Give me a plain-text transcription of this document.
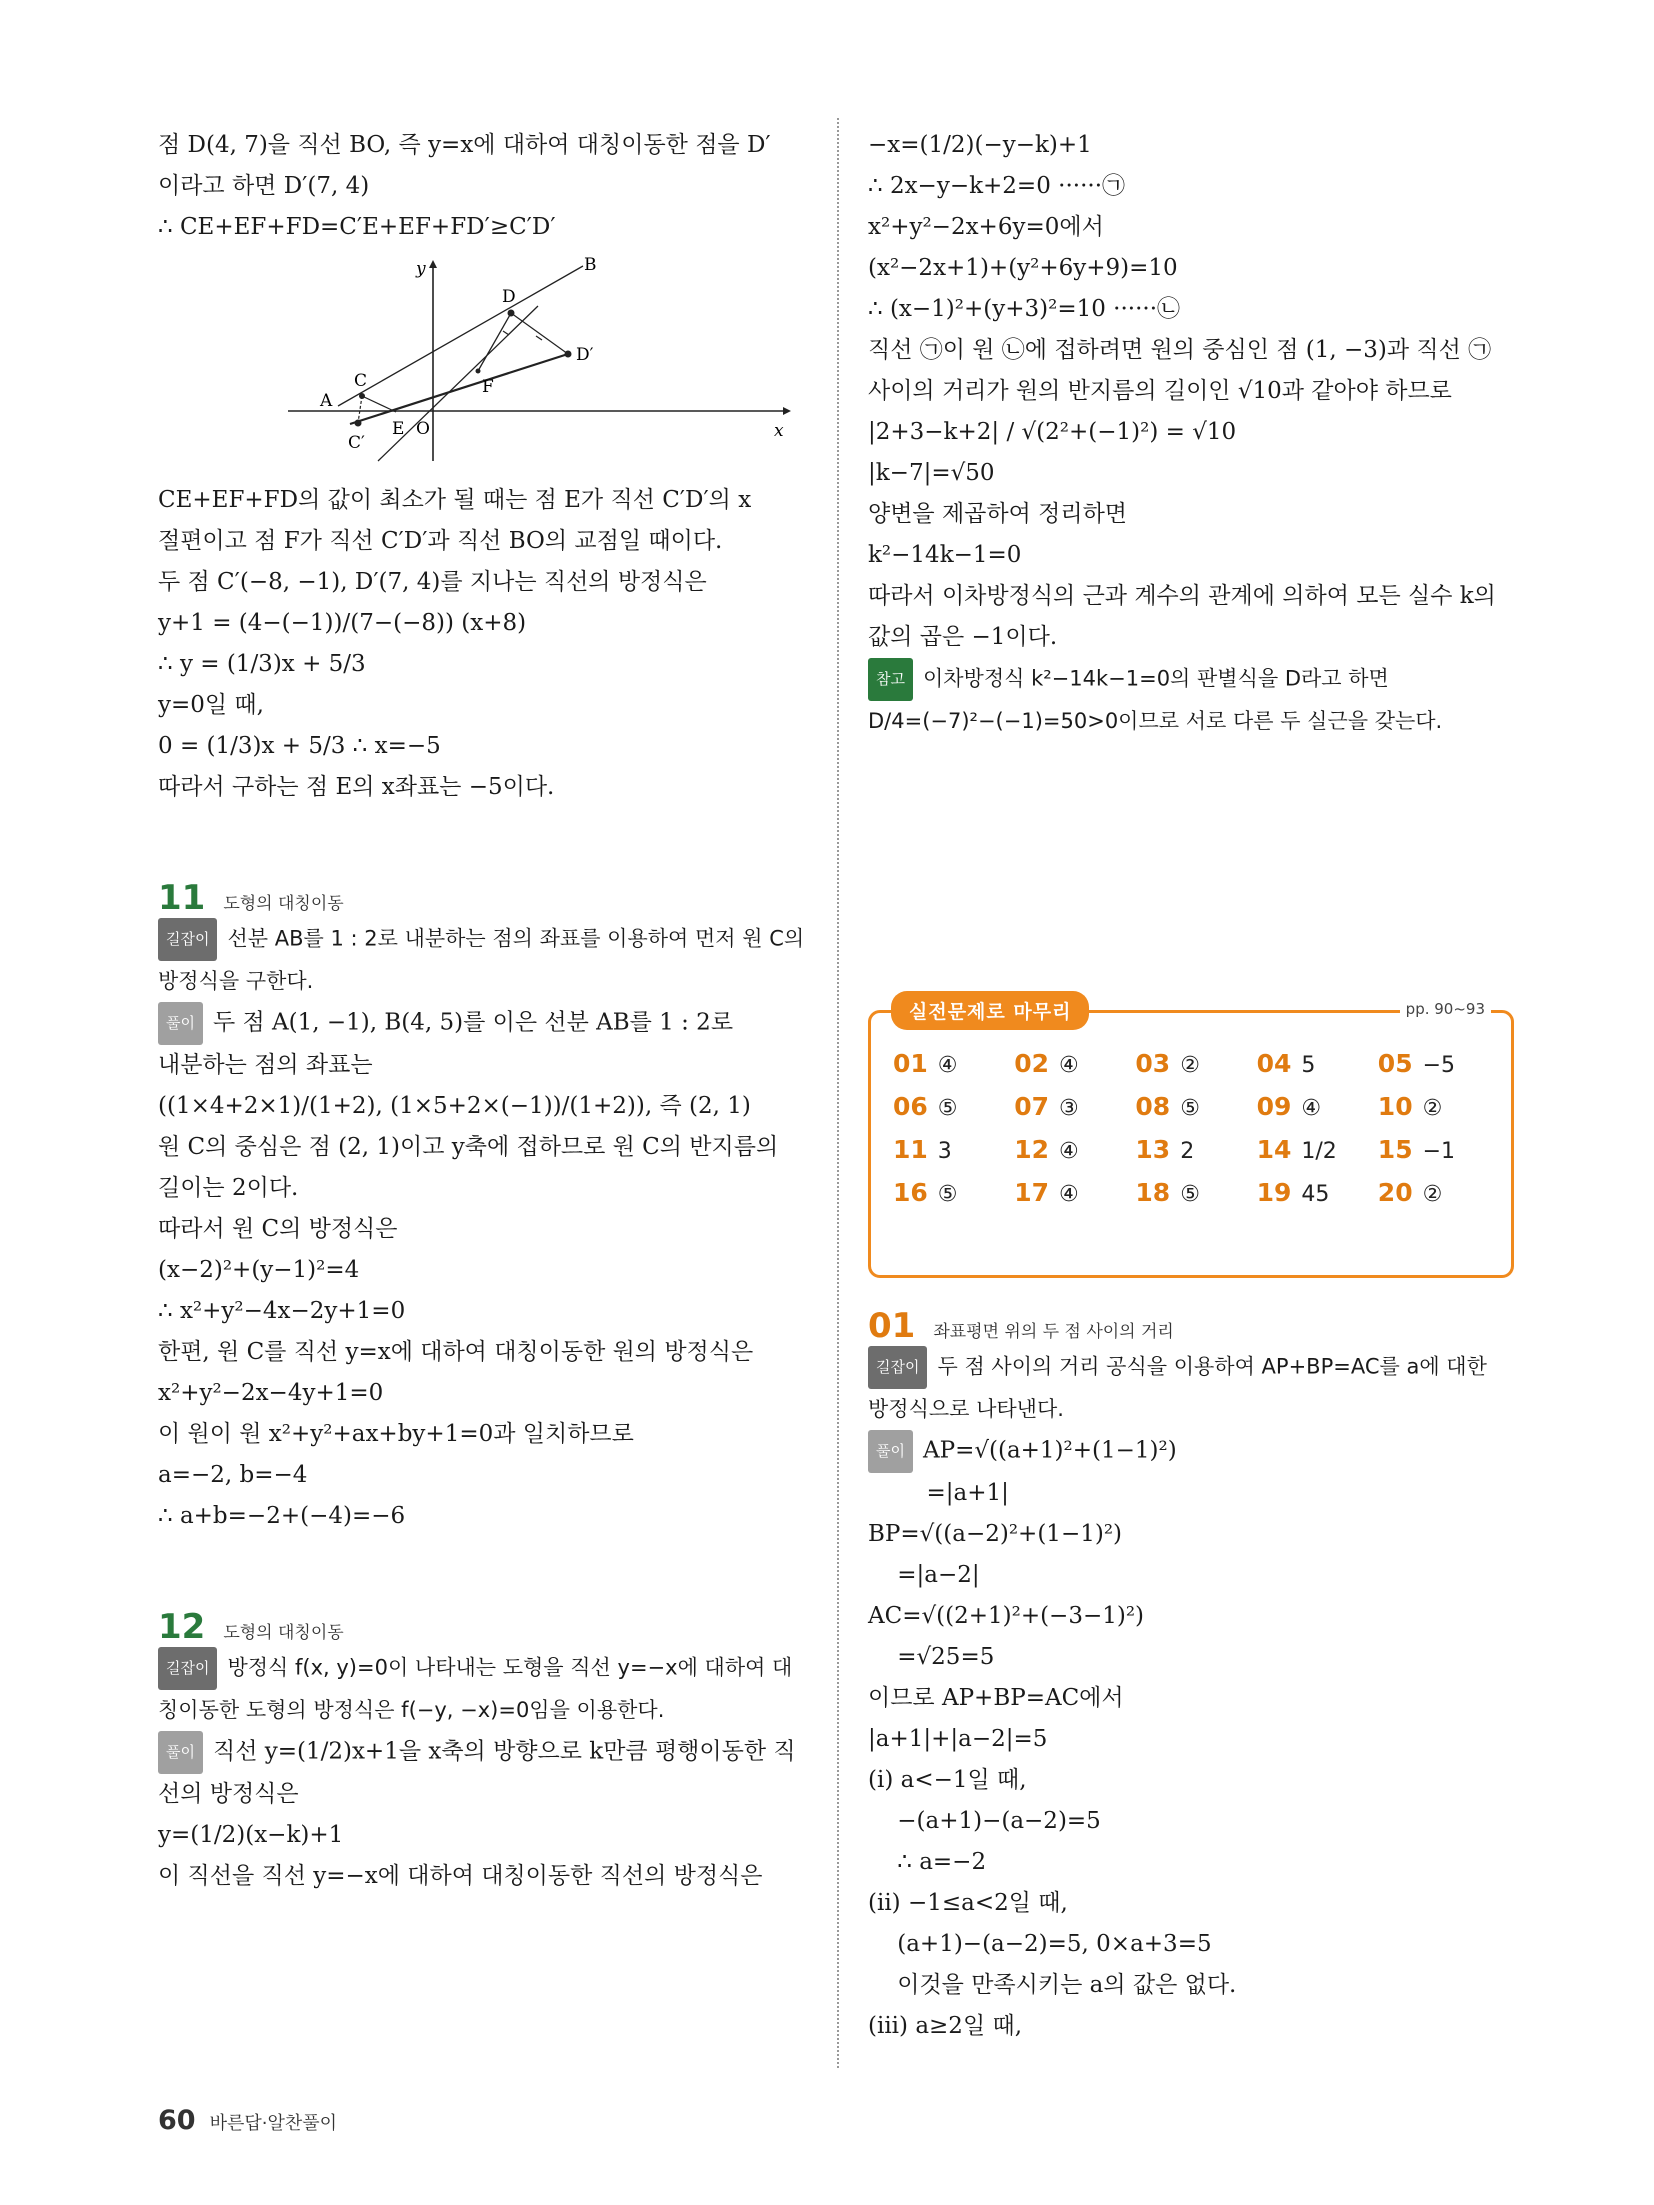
점 D(4, 7)을 직선 BO, 즉 y=x에 대하여 대칭이동한 점을 D′
이라고 하면 D′(7, 4)
∴ CE+EF+FD=C′E+EF+FD′≥C′D′
y
x
O
A
B
C
C′
D
D′
E
F
CE+EF+FD의 값이 최소가 될 때는 점 E가 직선 C′D′의 x
절편이고 점 F가 직선 C′D′과 직선 BO의 교점일 때이다.
두 점 C′(−8, −1), D′(7, 4)를 지나는 직선의 방정식은
y+1 = (4−(−1))/(7−(−8)) (x+8)
∴ y = (1/3)x + 5/3
y=0일 때,
0 = (1/3)x + 5/3 ∴ x=−5
따라서 구하는 점 E의 x좌표는 −5이다.
11 도형의 대칭이동
길잡이 선분 AB를 1 : 2로 내분하는 점의 좌표를 이용하여 먼저 원 C의
방정식을 구한다.
풀이 두 점 A(1, −1), B(4, 5)를 이은 선분 AB를 1 : 2로
내분하는 점의 좌표는
((1×4+2×1)/(1+2), (1×5+2×(−1))/(1+2)), 즉 (2, 1)
원 C의 중심은 점 (2, 1)이고 y축에 접하므로 원 C의 반지름의
길이는 2이다.
따라서 원 C의 방정식은
(x−2)²+(y−1)²=4
∴ x²+y²−4x−2y+1=0
한편, 원 C를 직선 y=x에 대하여 대칭이동한 원의 방정식은
x²+y²−2x−4y+1=0
이 원이 원 x²+y²+ax+by+1=0과 일치하므로
a=−2, b=−4
∴ a+b=−2+(−4)=−6
12 도형의 대칭이동
길잡이 방정식 f(x, y)=0이 나타내는 도형을 직선 y=−x에 대하여 대
칭이동한 도형의 방정식은 f(−y, −x)=0임을 이용한다.
풀이 직선 y=(1/2)x+1을 x축의 방향으로 k만큼 평행이동한 직
선의 방정식은
y=(1/2)(x−k)+1
이 직선을 직선 y=−x에 대하여 대칭이동한 직선의 방정식은
−x=(1/2)(−y−k)+1
∴ 2x−y−k+2=0 ······㉠
x²+y²−2x+6y=0에서
(x²−2x+1)+(y²+6y+9)=10
∴ (x−1)²+(y+3)²=10 ······㉡
직선 ㉠이 원 ㉡에 접하려면 원의 중심인 점 (1, −3)과 직선 ㉠
사이의 거리가 원의 반지름의 길이인 √10과 같아야 하므로
|2+3−k+2| / √(2²+(−1)²) = √10
|k−7|=√50
양변을 제곱하여 정리하면
k²−14k−1=0
따라서 이차방정식의 근과 계수의 관계에 의하여 모든 실수 k의
값의 곱은 −1이다.
참고 이차방정식 k²−14k−1=0의 판별식을 D라고 하면
D/4=(−7)²−(−1)=50>0이므로 서로 다른 두 실근을 갖는다.
실전문제로 마무리	pp. 90~93
01 ④	02 ④	03 ②	04 5	05 −5
06 ⑤	07 ③	08 ⑤	09 ④	10 ②
11 3	12 ④	13 2	14 1/2	15 −1
16 ⑤	17 ④	18 ⑤	19 45	20 ②
01 좌표평면 위의 두 점 사이의 거리
길잡이 두 점 사이의 거리 공식을 이용하여 AP+BP=AC를 a에 대한
방정식으로 나타낸다.
풀이 AP=√((a+1)²+(1−1)²)
=|a+1|
BP=√((a−2)²+(1−1)²)
=|a−2|
AC=√((2+1)²+(−3−1)²)
=√25=5
이므로 AP+BP=AC에서
|a+1|+|a−2|=5
(i) a<−1일 때,
−(a+1)−(a−2)=5
∴ a=−2
(ii) −1≤a<2일 때,
(a+1)−(a−2)=5, 0×a+3=5
이것을 만족시키는 a의 값은 없다.
(iii) a≥2일 때,
60 바른답·알찬풀이
